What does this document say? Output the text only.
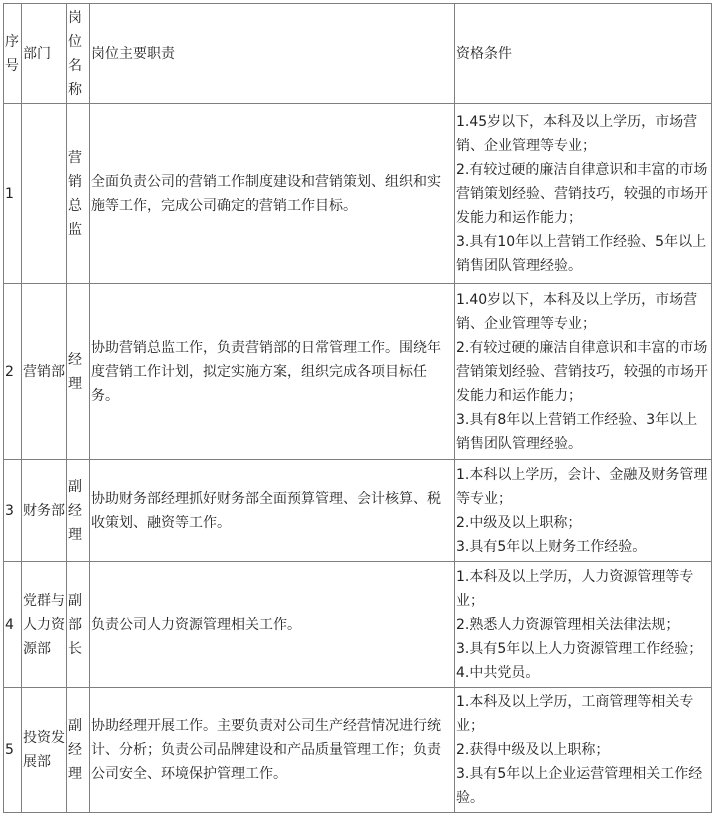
序号	部门	岗位名称	岗位主要职责	资格条件
1		营销总监	全面负责公司的营销工作制度建设和营销策划、组织和实施等工作，完成公司确定的营销工作目标。	1.45岁以下，本科及以上学历，市场营销、企业管理等专业；
2.有较过硬的廉洁自律意识和丰富的市场营销策划经验、营销技巧，较强的市场开发能力和运作能力；
3.具有10年以上营销工作经验、5年以上销售团队管理经验。

2	营销部	经理	协助营销总监工作，负责营销部的日常管理工作。围绕年度营销工作计划，拟定实施方案，组织完成各项目标任务。	1.40岁以下，本科及以上学历，市场营销、企业管理等专业；
2.有较过硬的廉洁自律意识和丰富的市场营销策划经验、营销技巧，较强的市场开发能力和运作能力；
3.具有8年以上营销工作经验、3年以上销售团队管理经验。

3	财务部	副经理	协助财务部经理抓好财务部全面预算管理、会计核算、税收策划、融资等工作。	1.本科以上学历，会计、金融及财务管理等专业；
2.中级及以上职称；
3.具有5年以上财务工作经验。

4	党群与人力资源部	副部长	负责公司人力资源管理相关工作。	1.本科及以上学历，人力资源管理等专业；
2.熟悉人力资源管理相关法律法规；
3.具有5年以上人力资源管理工作经验； 4.中共党员。

5	投资发展部	副经理	协助经理开展工作。主要负责对公司生产经营情况进行统计、分析；负责公司品牌建设和产品质量管理工作；负责公司安全、环境保护管理工作。	1.本科及以上学历，工商管理等相关专业；
2.获得中级及以上职称；
3.具有5年以上企业运营管理相关工作经验。
